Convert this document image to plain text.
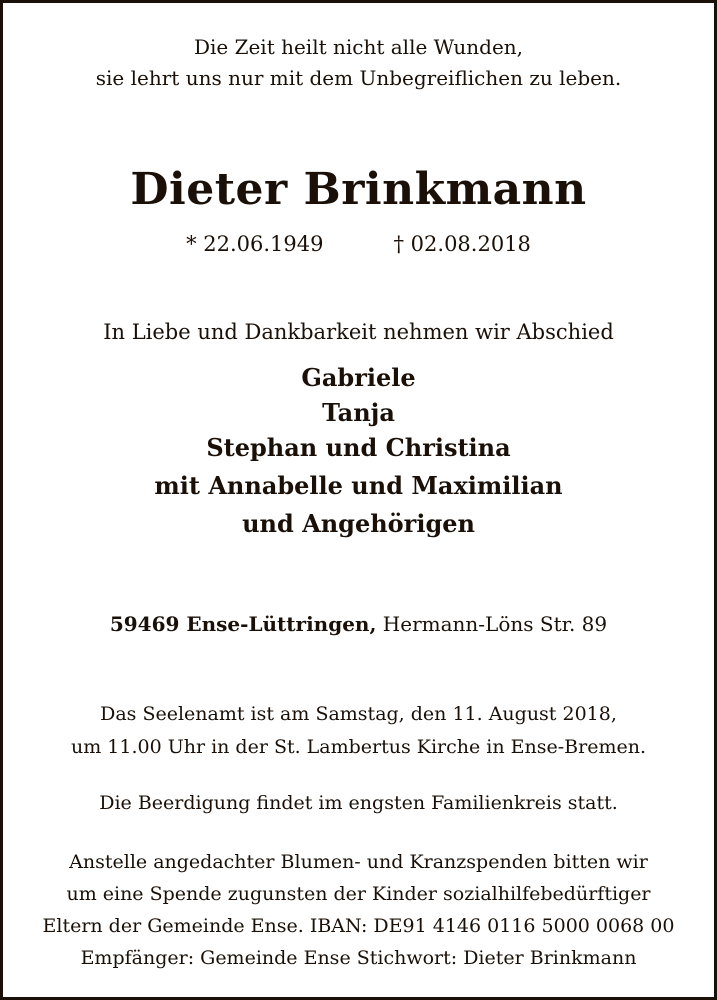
Die Zeit heilt nicht alle Wunden,
sie lehrt uns nur mit dem Unbegreiflichen zu leben.
Dieter Brinkmann
* 22.06.1949	† 02.08.2018
In Liebe und Dankbarkeit nehmen wir Abschied
Gabriele
Tanja
Stephan und Christina
mit Annabelle und Maximilian
und Angehörigen
59469 Ense-Lüttringen, Hermann-Löns Str. 89
Das Seelenamt ist am Samstag, den 11. August 2018,
um 11.00 Uhr in der St. Lambertus Kirche in Ense-Bremen.
Die Beerdigung findet im engsten Familienkreis statt.
Anstelle angedachter Blumen- und Kranzspenden bitten wir
um eine Spende zugunsten der Kinder sozialhilfebedürftiger
Eltern der Gemeinde Ense. IBAN: DE91 4146 0116 5000 0068 00
Empfänger: Gemeinde Ense Stichwort: Dieter Brinkmann
